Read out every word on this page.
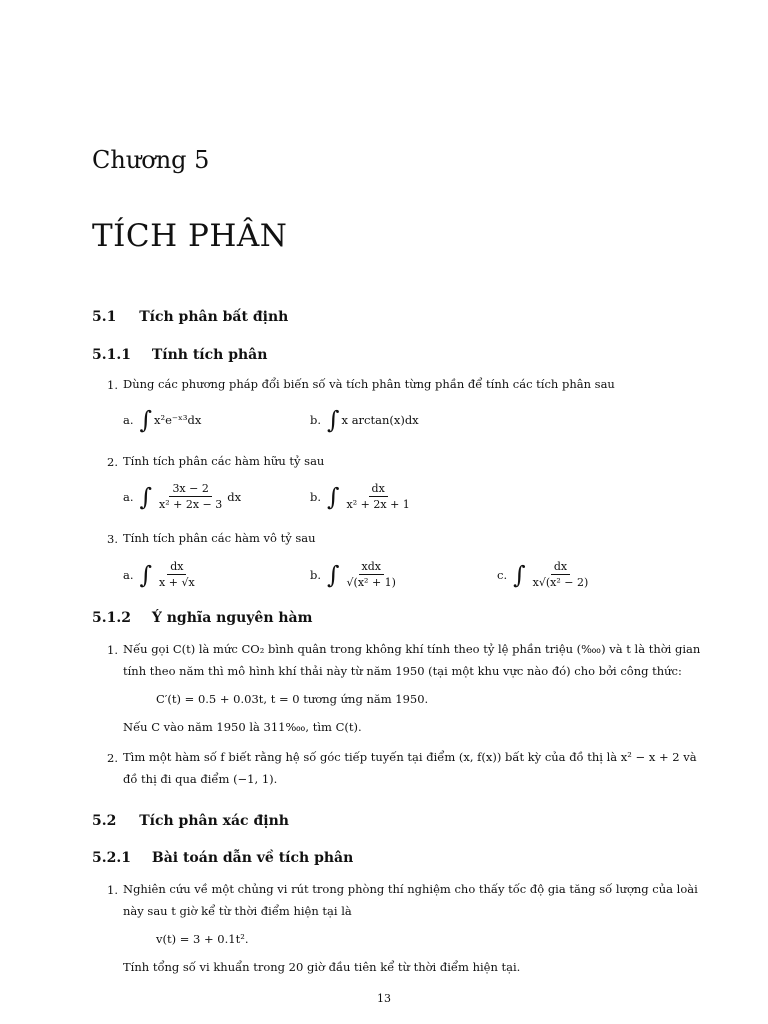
Chương 5
TÍCH PHÂN
5.1 Tích phân bất định
5.1.1 Tính tích phân
1. Dùng các phương pháp đổi biến số và tích phân từng phần để tính các tích phân sau
a. ∫ x²e⁻ˣ³dx	b. ∫ x arctan(x)dx
2. Tính tích phân các hàm hữu tỷ sau
a. ∫ $\frac{3x - 2}{\text{x² + 2x − 3}}$ dx	b. ∫ $\frac{dx}{\text{x² + 2x + 1}}$
3. Tính tích phân các hàm vô tỷ sau
a. ∫ $\frac{dx}{x + √x}$	b. ∫ $\frac{\text{xdx}}{\text{√(x² + 1)}}$	c. ∫ $\frac{dx}{\text{x√(x² − 2)}}$
5.1.2 Ý nghĩa nguyên hàm
1. Nếu gọi C(t) là mức CO₂ bình quân trong không khí tính theo tỷ lệ phần triệu (‱) và t là thời gian
tính theo năm thì mô hình khí thải này từ năm 1950 (tại một khu vực nào đó) cho bởi công thức:
C′(t) = 0.5 + 0.03t, t = 0 tương ứng năm 1950.
Nếu C vào năm 1950 là 311‱, tìm C(t).
2. Tìm một hàm số f biết rằng hệ số góc tiếp tuyến tại điểm (x, f(x)) bất kỳ của đồ thị là x² − x + 2 và
đồ thị đi qua điểm (−1, 1).
5.2 Tích phân xác định
5.2.1 Bài toán dẫn về tích phân
1. Nghiên cứu về một chủng vi rút trong phòng thí nghiệm cho thấy tốc độ gia tăng số lượng của loài
này sau t giờ kể từ thời điểm hiện tại là
v(t) = 3 + 0.1t².
Tính tổng số vi khuẩn trong 20 giờ đầu tiên kể từ thời điểm hiện tại.
13
